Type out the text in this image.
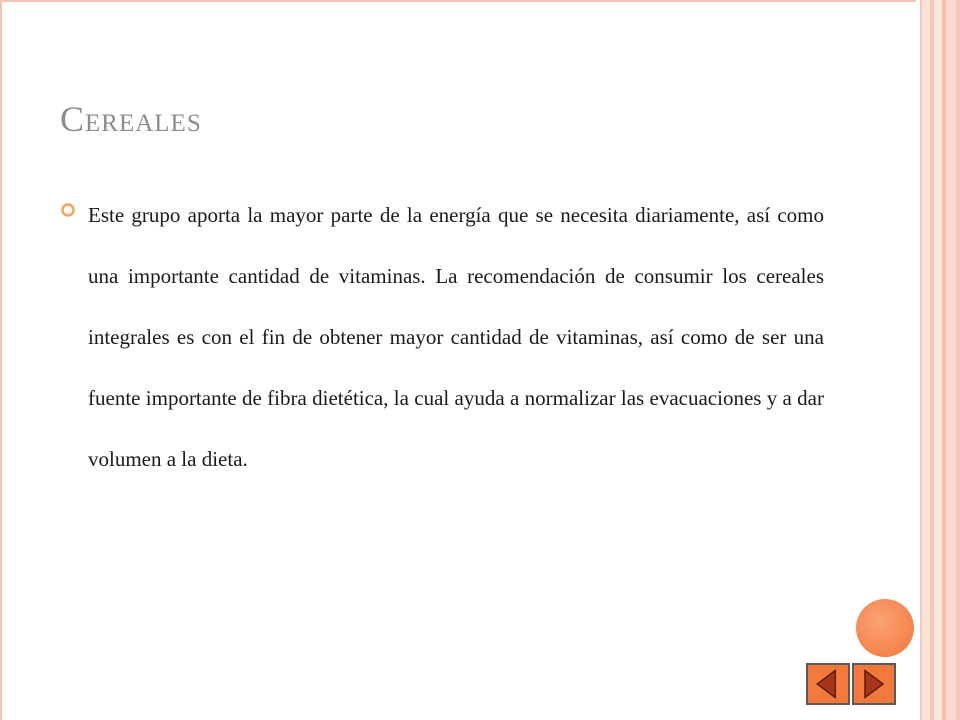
Cereales

Este grupo aporta la mayor parte de la energía que se necesita diariamente, así como una importante cantidad de vitaminas. La recomendación de consumir los cereales integrales es con el fin de obtener mayor cantidad de vitaminas, así como de ser una fuente importante de fibra dietética, la cual ayuda a normalizar las evacuaciones y a dar volumen a la dieta.
